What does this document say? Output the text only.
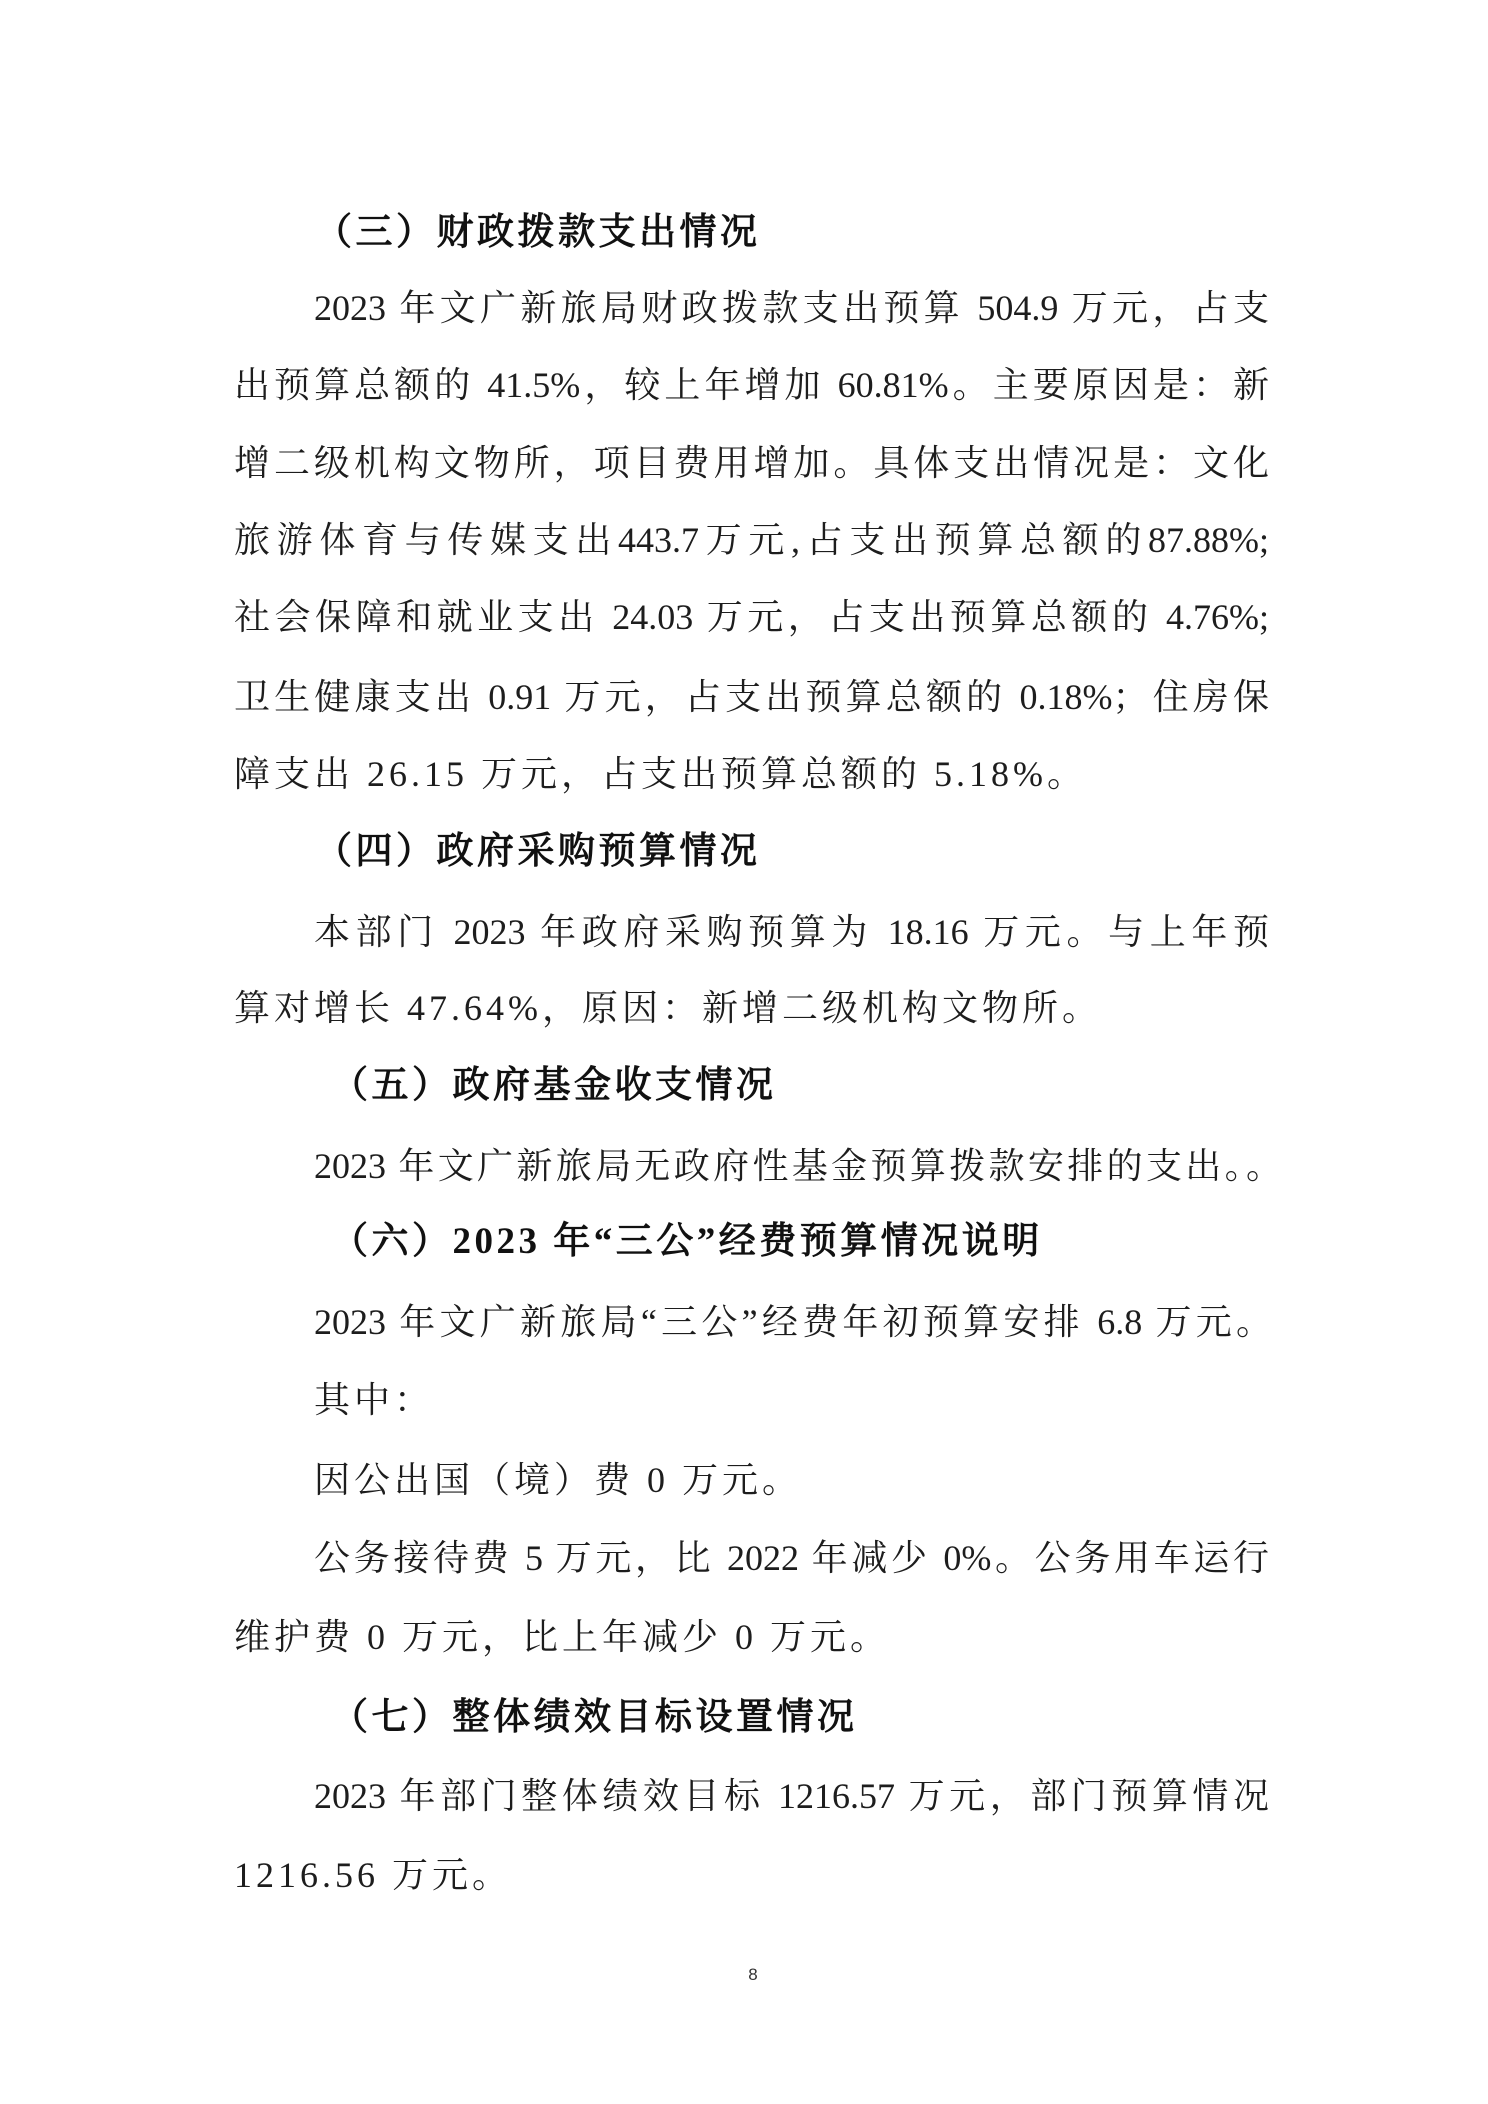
（三）财政拨款支出情况
2023 年文广新旅局财政拨款支出预算 504.9 万元，占支
出预算总额的 41.5%，较上年增加 60.81%。主要原因是：新
增二级机构文物所，项目费用增加。具体支出情况是：文化
旅游体育与传媒支出443.7万元,占支出预算总额的87.88%;
社会保障和就业支出 24.03 万元，占支出预算总额的 4.76%;
卫生健康支出 0.91 万元，占支出预算总额的 0.18%；住房保
障支出 26.15 万元，占支出预算总额的 5.18%。
（四）政府采购预算情况
本部门 2023 年政府采购预算为 18.16 万元。与上年预
算对增长 47.64%，原因：新增二级机构文物所。
（五）政府基金收支情况
2023 年文广新旅局无政府性基金预算拨款安排的支出。。
（六）2023 年“三公”经费预算情况说明
2023 年文广新旅局“三公”经费年初预算安排 6.8 万元。
其中：
因公出国（境）费 0 万元。
公务接待费 5 万元，比 2022 年减少 0%。公务用车运行
维护费 0 万元，比上年减少 0 万元。
（七）整体绩效目标设置情况
2023 年部门整体绩效目标 1216.57 万元，部门预算情况
1216.56 万元。
8
